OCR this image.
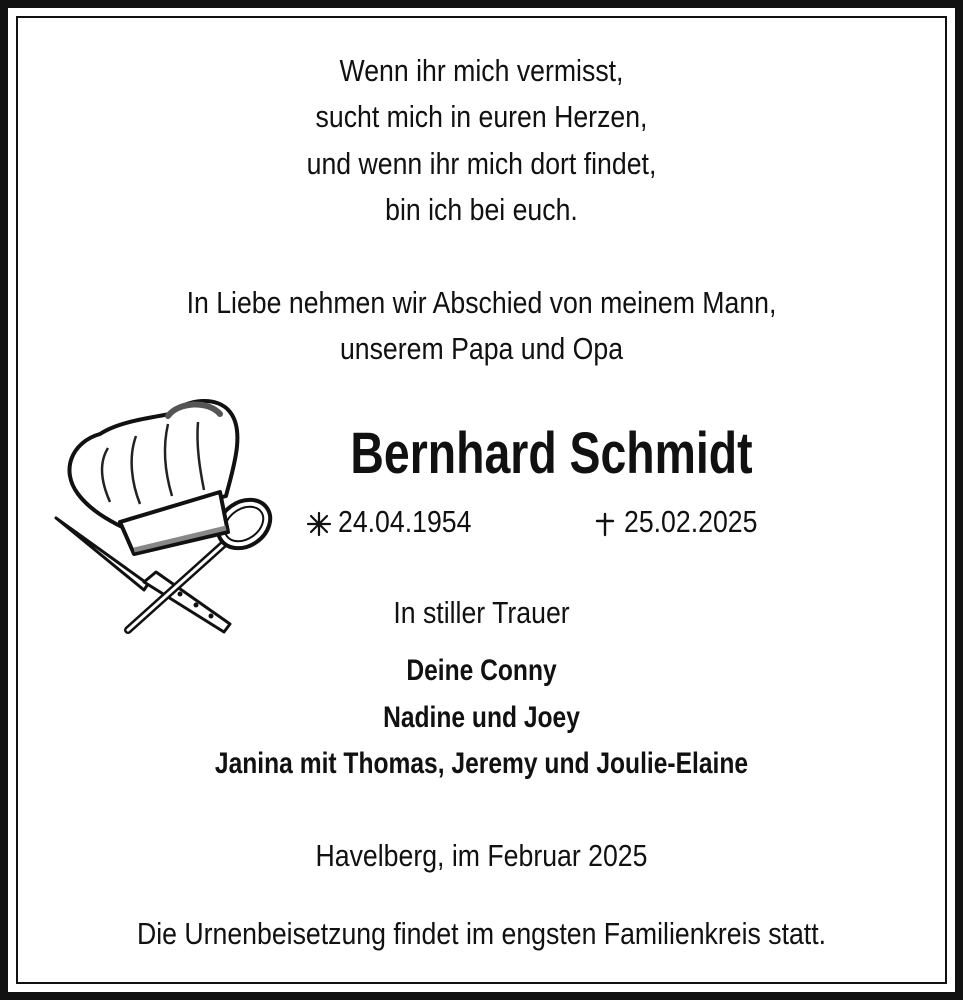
Wenn ihr mich vermisst,
sucht mich in euren Herzen,
und wenn ihr mich dort findet,
bin ich bei euch.
In Liebe nehmen wir Abschied von meinem Mann,
unserem Papa und Opa
Bernhard Schmidt
24.04.1954	25.02.2025
In stiller Trauer
Deine Conny
Nadine und Joey
Janina mit Thomas, Jeremy und Joulie-Elaine
Havelberg, im Februar 2025
Die Urnenbeisetzung findet im engsten Familienkreis statt.
